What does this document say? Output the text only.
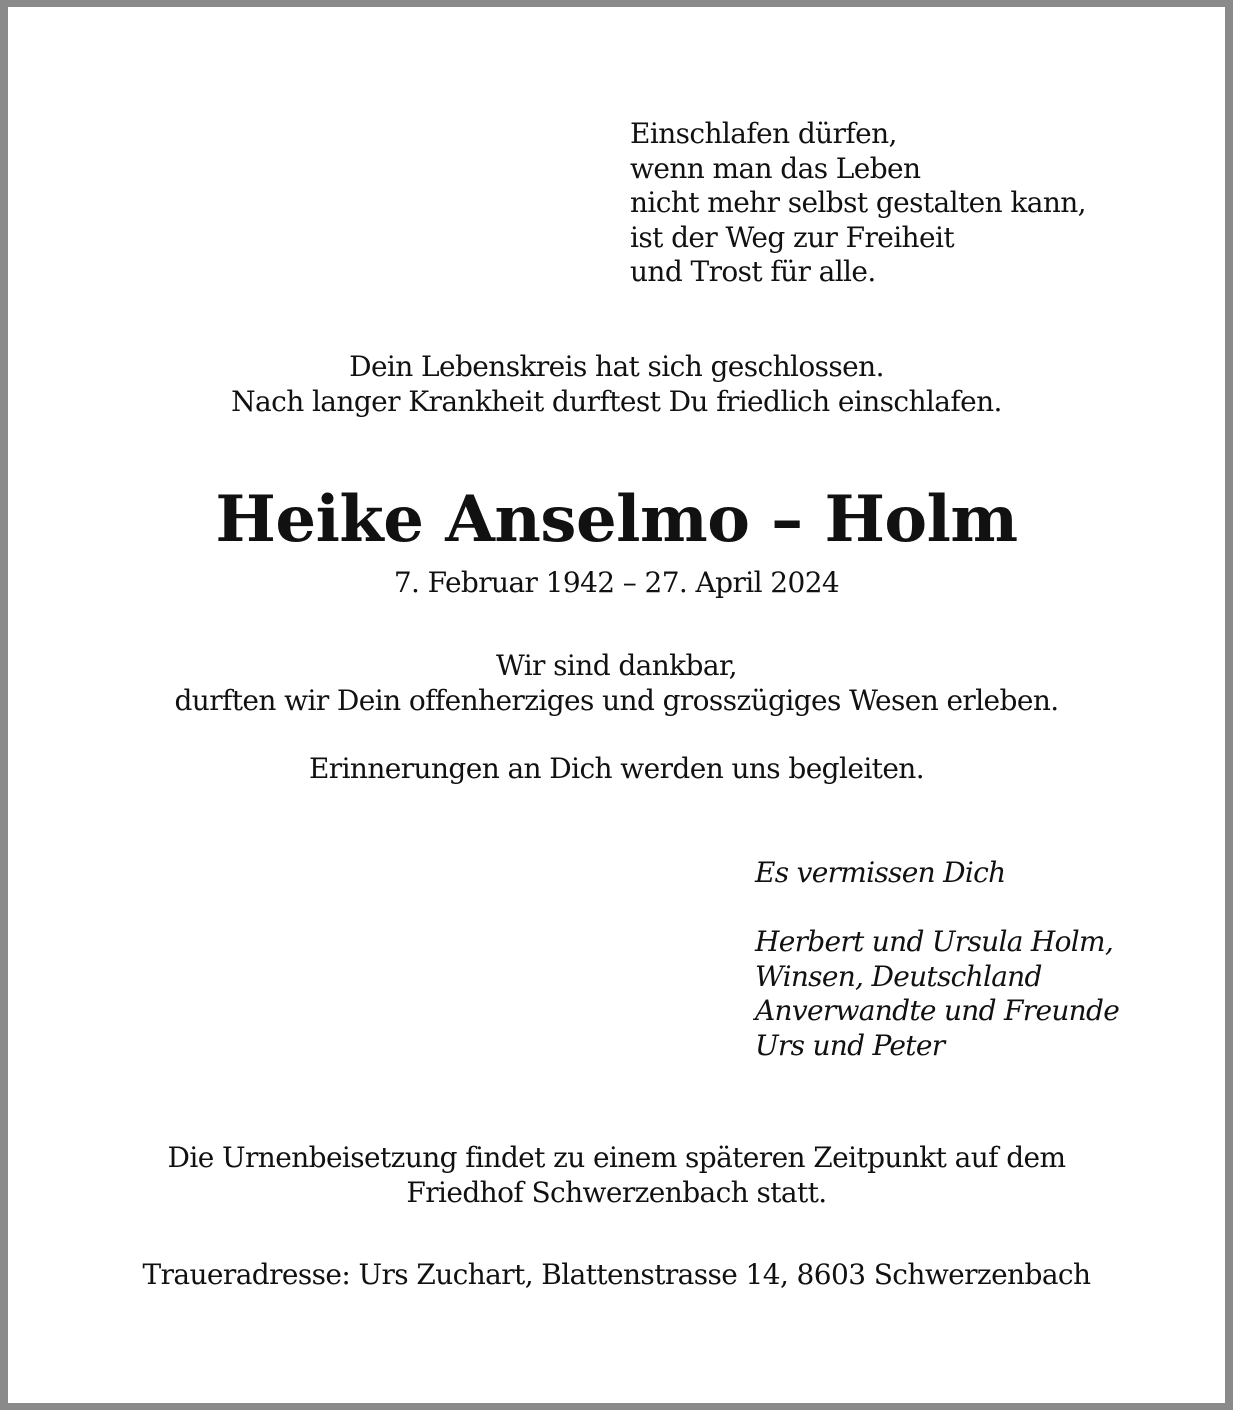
Einschlafen dürfen,
wenn man das Leben
nicht mehr selbst gestalten kann,
ist der Weg zur Freiheit
und Trost für alle.
Dein Lebenskreis hat sich geschlossen.
Nach langer Krankheit durftest Du friedlich einschlafen.
Heike Anselmo – Holm
7. Februar 1942 – 27. April 2024
Wir sind dankbar,
durften wir Dein offenherziges und grosszügiges Wesen erleben.
Erinnerungen an Dich werden uns begleiten.
Es vermissen Dich
Herbert und Ursula Holm,
Winsen, Deutschland
Anverwandte und Freunde
Urs und Peter
Die Urnenbeisetzung findet zu einem späteren Zeitpunkt auf dem
Friedhof Schwerzenbach statt.
Traueradresse: Urs Zuchart, Blattenstrasse 14, 8603 Schwerzenbach
